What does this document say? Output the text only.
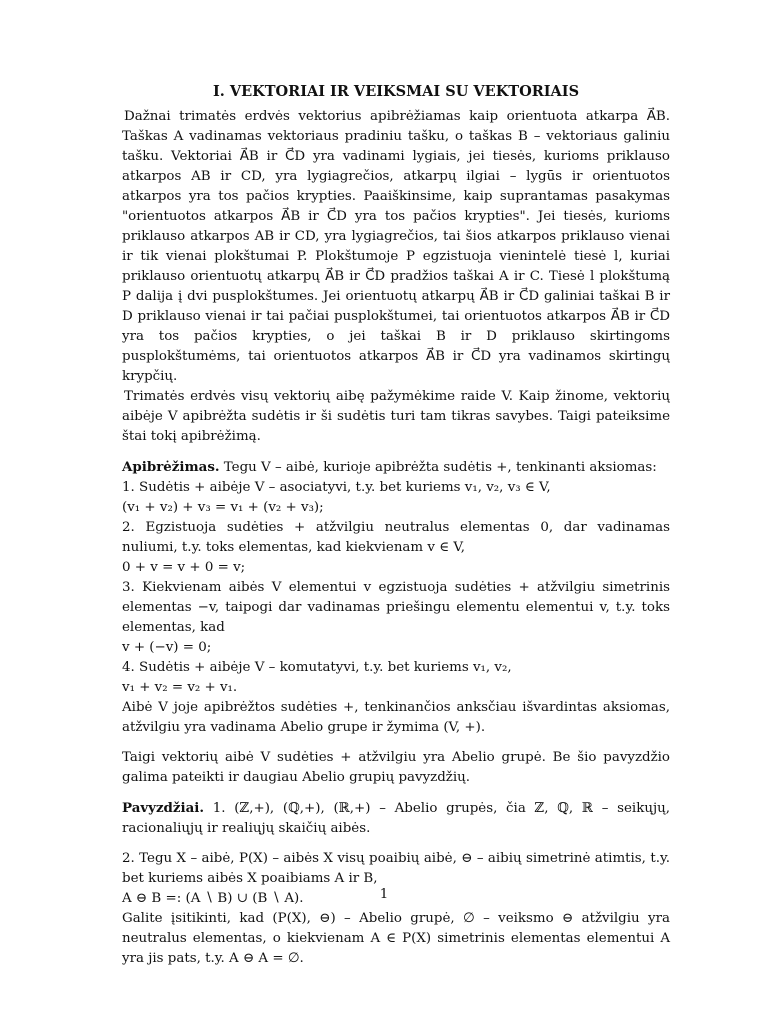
I. VEKTORIAI IR VEIKSMAI SU VEKTORIAIS

Dažnai trimatės erdvės vektorius apibrėžiamas kaip orientuota atkarpa A⃗B. Taškas A vadinamas vektoriaus pradiniu tašku, o taškas B – vektoriaus galiniu tašku. Vektoriai A⃗B ir C⃗D yra vadinami lygiais, jei tiesės, kurioms priklauso atkarpos AB ir CD, yra lygiagrečios, atkarpų ilgiai – lygūs ir orientuotos atkarpos yra tos pačios krypties. Paaiškinsime, kaip suprantamas pasakymas "orientuotos atkarpos A⃗B ir C⃗D yra tos pačios krypties". Jei tiesės, kurioms priklauso atkarpos AB ir CD, yra lygiagrečios, tai šios atkarpos priklauso vienai ir tik vienai plokštumai P. Plokštumoje P egzistuoja vienintelė tiesė l, kuriai priklauso orientuotų atkarpų A⃗B ir C⃗D pradžios taškai A ir C. Tiesė l plokštumą P dalija į dvi pusplokštumes. Jei orientuotų atkarpų A⃗B ir C⃗D galiniai taškai B ir D priklauso vienai ir tai pačiai pusplokštumei, tai orientuotos atkarpos A⃗B ir C⃗D yra tos pačios krypties, o jei taškai B ir D priklauso skirtingoms pusplokštumėms, tai orientuotos atkarpos A⃗B ir C⃗D yra vadinamos skirtingų krypčių.

Trimatės erdvės visų vektorių aibę pažymėkime raide V. Kaip žinome, vektorių aibėje V apibrėžta sudėtis ir ši sudėtis turi tam tikras savybes. Taigi pateiksime štai tokį apibrėžimą.

Apibrėžimas. Tegu V – aibė, kurioje apibrėžta sudėtis +, tenkinanti aksiomas:

1. Sudėtis + aibėje V – asociatyvi, t.y. bet kuriems v₁, v₂, v₃ ∈ V,

(v₁ + v₂) + v₃ = v₁ + (v₂ + v₃);

2. Egzistuoja sudėties + atžvilgiu neutralus elementas 0, dar vadinamas nuliumi, t.y. toks elementas, kad kiekvienam v ∈ V,

0 + v = v + 0 = v;

3. Kiekvienam aibės V elementui v egzistuoja sudėties + atžvilgiu simetrinis elementas −v, taipogi dar vadinamas priešingu elementu elementui v, t.y. toks elementas, kad

v + (−v) = 0;

4. Sudėtis + aibėje V – komutatyvi, t.y. bet kuriems v₁, v₂,

v₁ + v₂ = v₂ + v₁.

Aibė V joje apibrėžtos sudėties +, tenkinančios anksčiau išvardintas aksiomas, atžvilgiu yra vadinama Abelio grupe ir žymima (V, +).

Taigi vektorių aibė V sudėties + atžvilgiu yra Abelio grupė. Be šio pavyzdžio galima pateikti ir daugiau Abelio grupių pavyzdžių.

Pavyzdžiai. 1. (ℤ,+), (ℚ,+), (ℝ,+) – Abelio grupės, čia ℤ, ℚ, ℝ – seikųjų, racionaliųjų ir realiųjų skaičių aibės.

2. Tegu X – aibė, P(X) – aibės X visų poaibių aibė, ⊖ – aibių simetrinė atimtis, t.y. bet kuriems aibės X poaibiams A ir B,

A ⊖ B =: (A ∖ B) ∪ (B ∖ A).

Galite įsitikinti, kad (P(X), ⊖) – Abelio grupė, ∅ – veiksmo ⊖ atžvilgiu yra neutralus elementas, o kiekvienam A ∈ P(X) simetrinis elementas elementui A yra jis pats, t.y. A ⊖ A = ∅.

1
